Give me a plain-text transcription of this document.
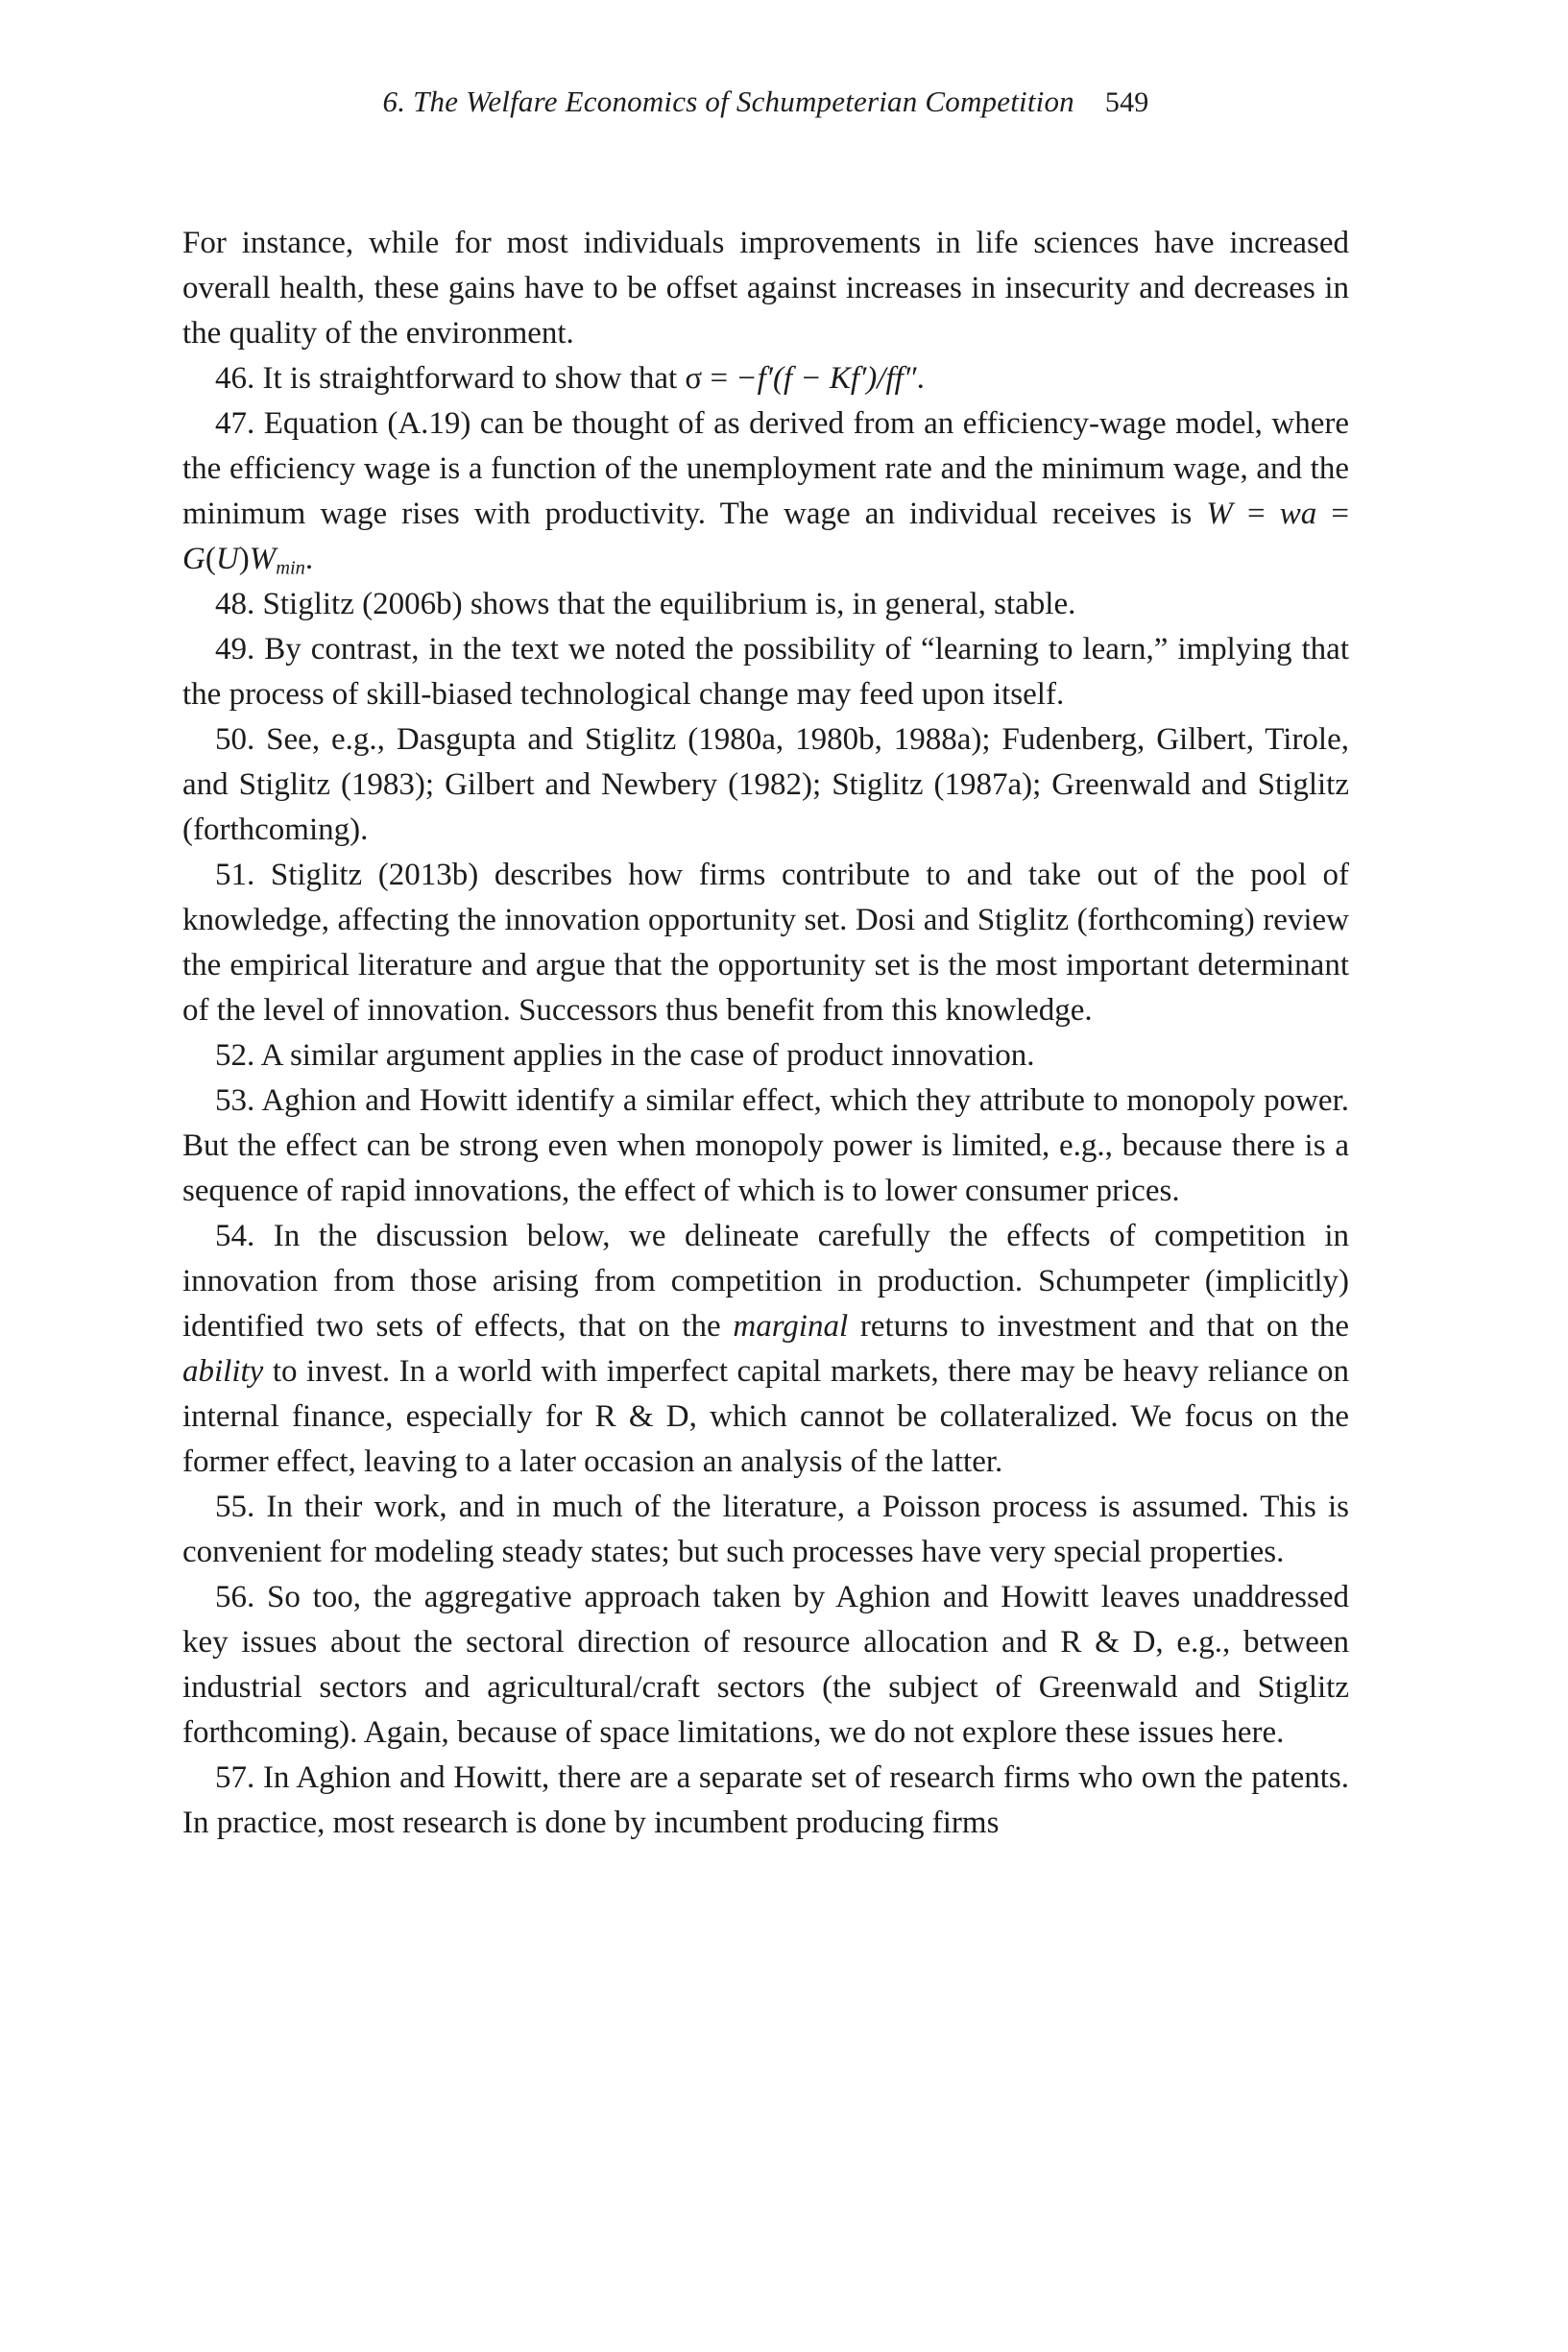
6. The Welfare Economics of Schumpeterian Competition 549

For instance, while for most individuals improvements in life sciences have increased overall health, these gains have to be offset against increases in insecurity and decreases in the quality of the environment.

46. It is straightforward to show that σ = −f′(f − Kf′)/ff″.

47. Equation (A.19) can be thought of as derived from an efficiency-wage model, where the efficiency wage is a function of the unemployment rate and the minimum wage, and the minimum wage rises with productivity. The wage an individual receives is W = wa = $G(U)W_{min}$.

48. Stiglitz (2006b) shows that the equilibrium is, in general, stable.

49. By contrast, in the text we noted the possibility of “learning to learn,” implying that the process of skill-biased technological change may feed upon itself.

50. See, e.g., Dasgupta and Stiglitz (1980a, 1980b, 1988a); Fudenberg, Gilbert, Tirole, and Stiglitz (1983); Gilbert and Newbery (1982); Stiglitz (1987a); Greenwald and Stiglitz (forthcoming).

51. Stiglitz (2013b) describes how firms contribute to and take out of the pool of knowledge, affecting the innovation opportunity set. Dosi and Stiglitz (forthcoming) review the empirical literature and argue that the opportunity set is the most important determinant of the level of innovation. Successors thus benefit from this knowledge.

52. A similar argument applies in the case of product innovation.

53. Aghion and Howitt identify a similar effect, which they attribute to monopoly power. But the effect can be strong even when monopoly power is limited, e.g., because there is a sequence of rapid innovations, the effect of which is to lower consumer prices.

54. In the discussion below, we delineate carefully the effects of competition in innovation from those arising from competition in production. Schumpeter (implicitly) identified two sets of effects, that on the marginal returns to investment and that on the ability to invest. In a world with imperfect capital markets, there may be heavy reliance on internal finance, especially for R & D, which cannot be collateralized. We focus on the former effect, leaving to a later occasion an analysis of the latter.

55. In their work, and in much of the literature, a Poisson process is assumed. This is convenient for modeling steady states; but such processes have very special properties.

56. So too, the aggregative approach taken by Aghion and Howitt leaves unaddressed key issues about the sectoral direction of resource allocation and R & D, e.g., between industrial sectors and agricultural/craft sectors (the subject of Greenwald and Stiglitz forthcoming). Again, because of space limitations, we do not explore these issues here.

57. In Aghion and Howitt, there are a separate set of research firms who own the patents. In practice, most research is done by incumbent producing firms
